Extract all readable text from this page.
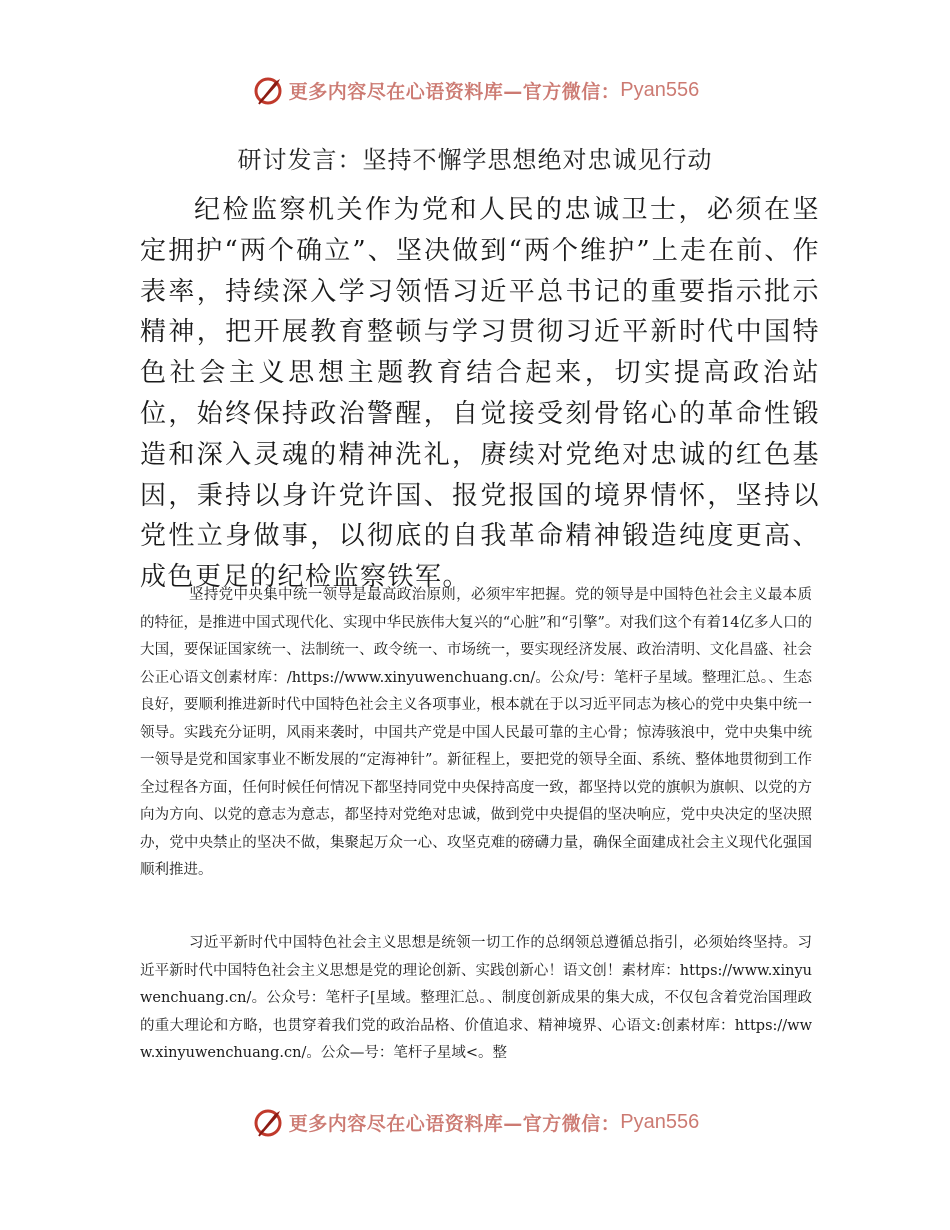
更多内容尽在心语资料库—官方微信： Pyan556
研讨发言：坚持不懈学思想绝对忠诚见行动

纪检监察机关作为党和人民的忠诚卫士，必须在坚定拥护“两个确立”、坚决做到“两个维护”上走在前、作表率，持续深入学习领悟习近平总书记的重要指示批示精神，把开展教育整顿与学习贯彻习近平新时代中国特色社会主义思想主题教育结合起来，切实提高政治站位，始终保持政治警醒，自觉接受刻骨铭心的革命性锻造和深入灵魂的精神洗礼，赓续对党绝对忠诚的红色基因，秉持以身许党许国、报党报国的境界情怀，坚持以党性立身做事，以彻底的自我革命精神锻造纯度更高、成色更足的纪检监察铁军。

坚持党中央集中统一领导是最高政治原则，必须牢牢把握。党的领导是中国特色社会主义最本质的特征，是推进中国式现代化、实现中华民族伟大复兴的“心脏”和“引擎”。对我们这个有着14亿多人口的大国，要保证国家统一、法制统一、政令统一、市场统一，要实现经济发展、政治清明、文化昌盛、社会公正心语文创素材库：/https://www.xinyuwenchuang.cn/。公众/号：笔杆子星域。整理汇总。、生态良好，要顺利推进新时代中国特色社会主义各项事业，根本就在于以习近平同志为核心的党中央集中统一领导。实践充分证明，风雨来袭时，中国共产党是中国人民最可靠的主心骨；惊涛骇浪中，党中央集中统一领导是党和国家事业不断发展的“定海神针”。新征程上，要把党的领导全面、系统、整体地贯彻到工作全过程各方面，任何时候任何情况下都坚持同党中央保持高度一致，都坚持以党的旗帜为旗帜、以党的方向为方向、以党的意志为意志，都坚持对党绝对忠诚，做到党中央提倡的坚决响应，党中央决定的坚决照办，党中央禁止的坚决不做，集聚起万众一心、攻坚克难的磅礴力量，确保全面建成社会主义现代化强国顺利推进。

习近平新时代中国特色社会主义思想是统领一切工作的总纲领总遵循总指引，必须始终坚持。习近平新时代中国特色社会主义思想是党的理论创新、实践创新心！语文创！素材库：https://www.xinyuwenchuang.cn/。公众号：笔杆子[星域。整理汇总。、制度创新成果的集大成，不仅包含着党治国理政的重大理论和方略，也贯穿着我们党的政治品格、价值追求、精神境界、心语文:创素材库：https://www.xinyuwenchuang.cn/。公众—号：笔杆子星域<。整

更多内容尽在心语资料库—官方微信： Pyan556
